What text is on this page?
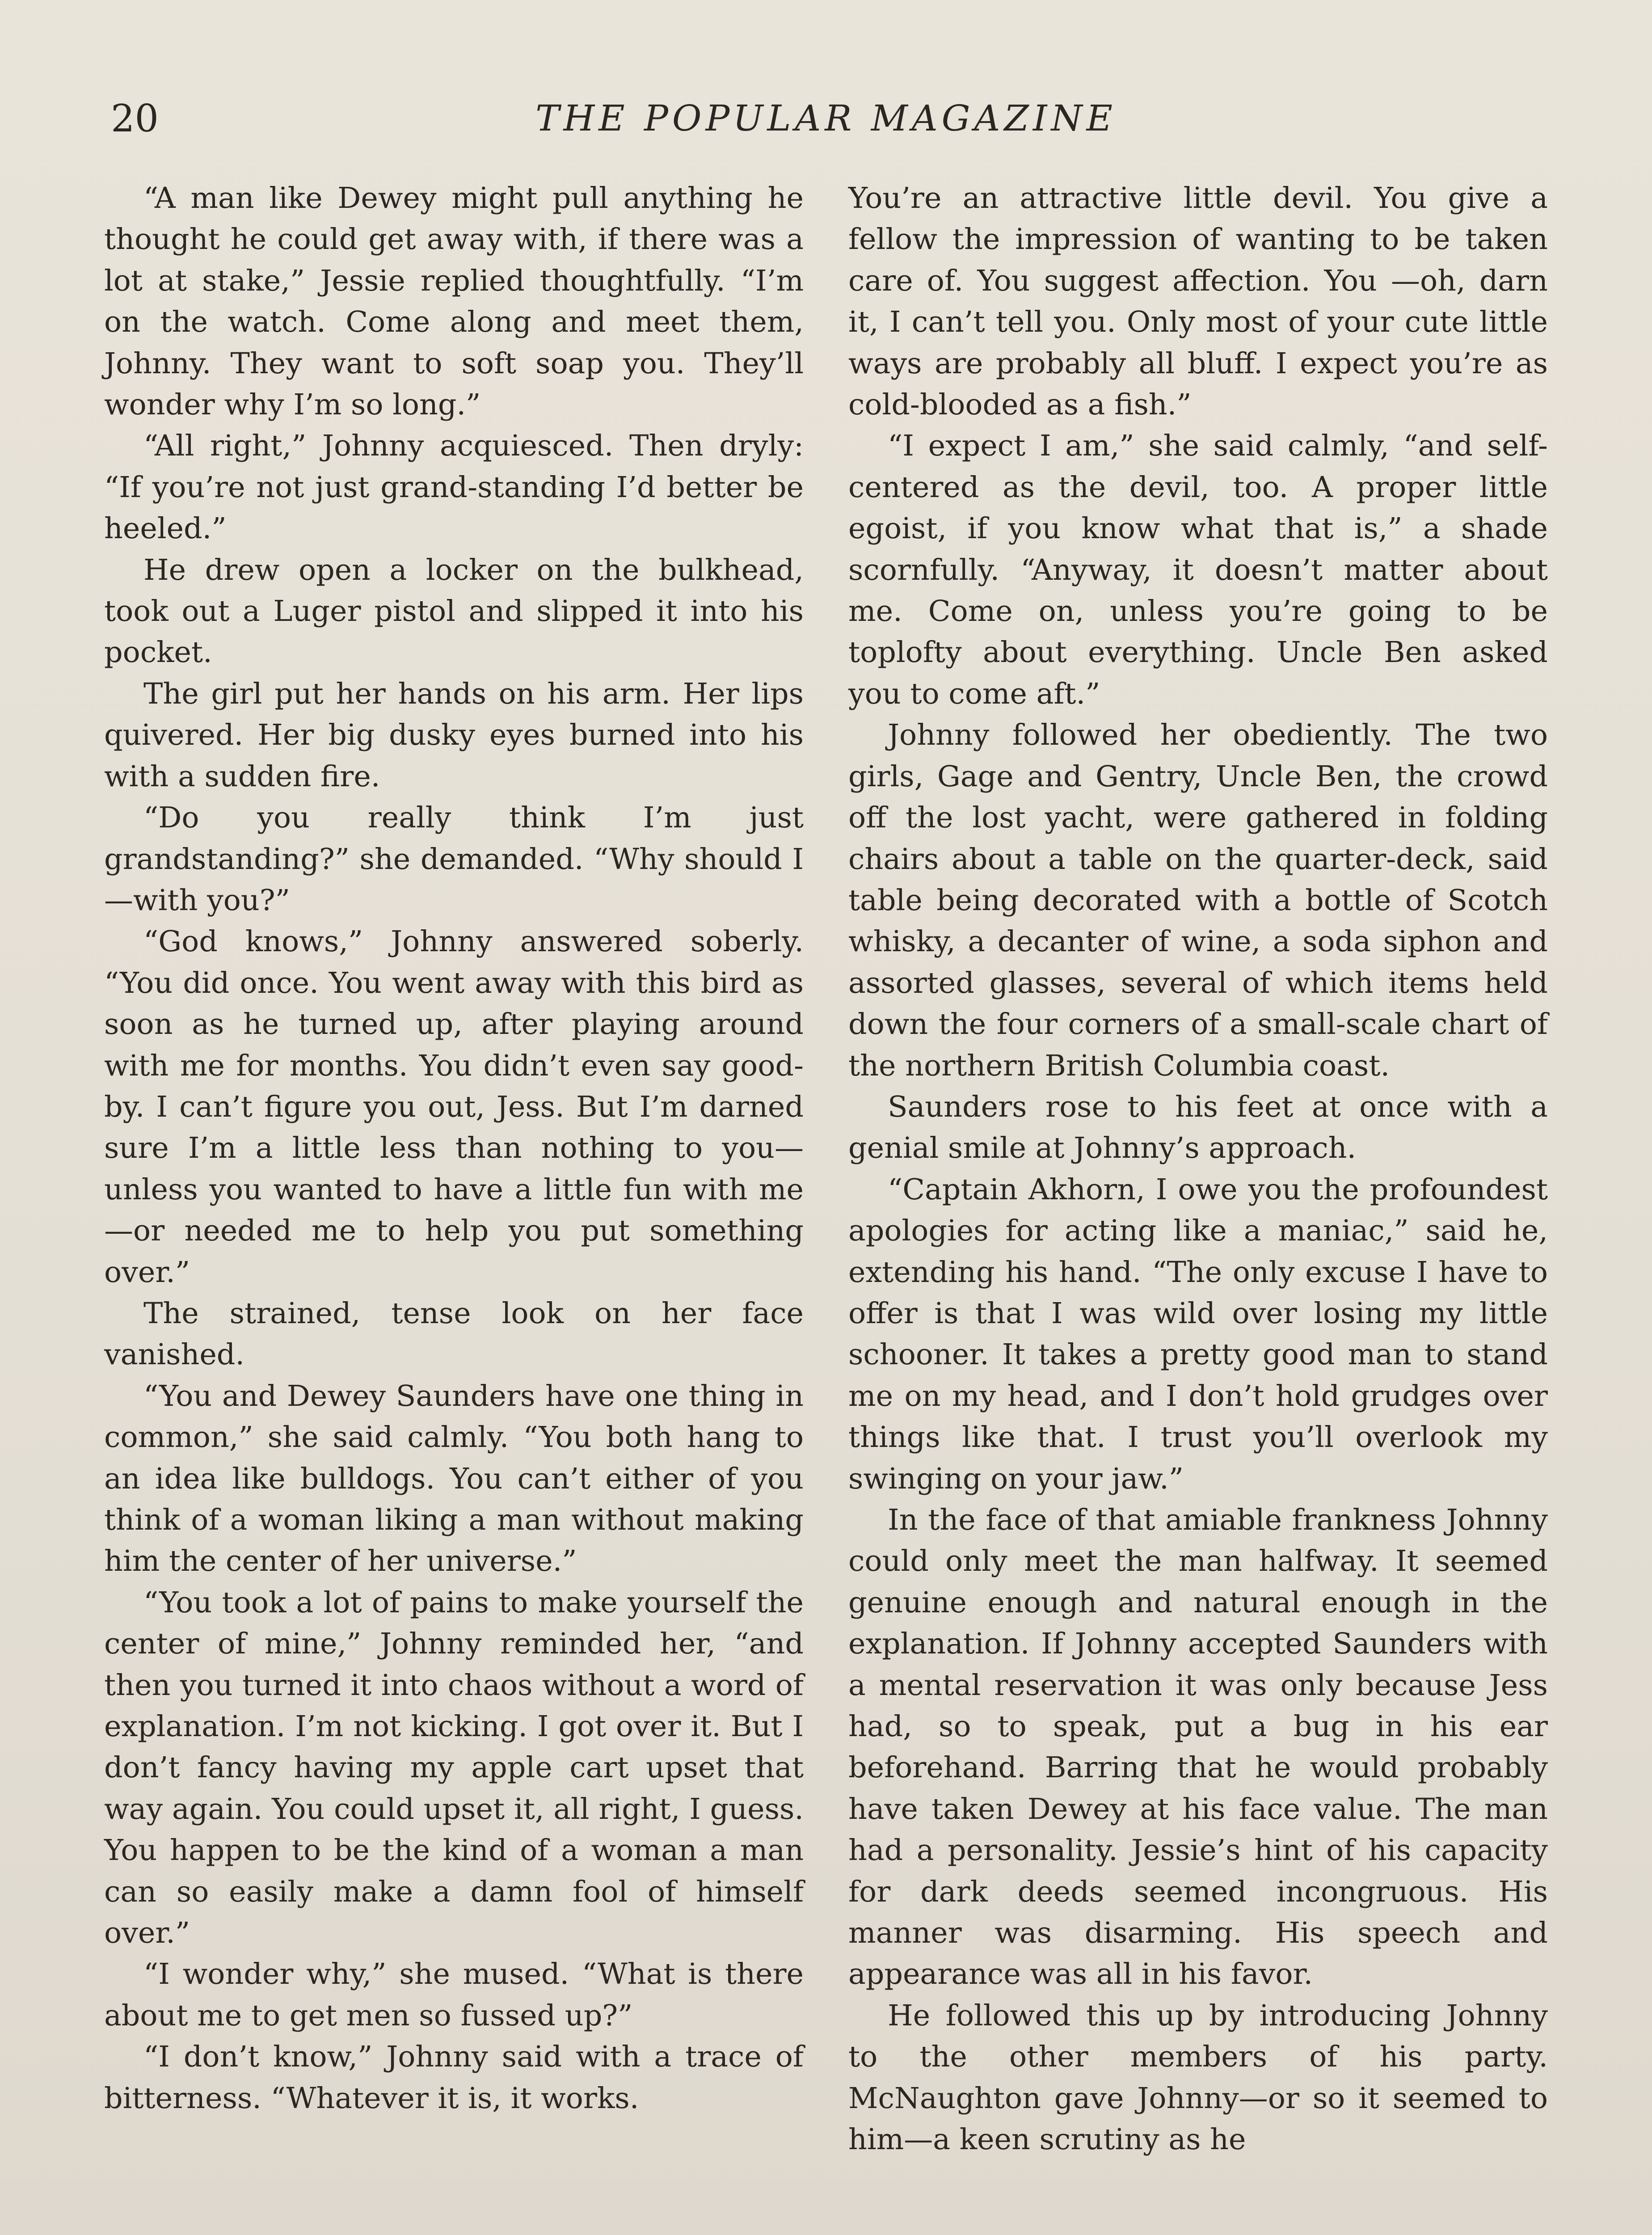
20	THE POPULAR MAGAZINE

“A man like Dewey might pull anything he thought he could get away with, if there was a lot at stake,” Jessie replied thoughtfully. “I’m on the watch. Come along and meet them, Johnny. They want to soft soap you. They’ll wonder why I’m so long.”

“All right,” Johnny acquiesced. Then dryly: “If you’re not just grand-standing I’d better be heeled.”

He drew open a locker on the bulkhead, took out a Luger pistol and slipped it into his pocket.

The girl put her hands on his arm. Her lips quivered. Her big dusky eyes burned into his with a sudden fire.

“Do you really think I’m just grandstanding?” she demanded. “Why should I —with you?”

“God knows,” Johnny answered soberly. “You did once. You went away with this bird as soon as he turned up, after playing around with me for months. You didn’t even say good-by. I can’t figure you out, Jess. But I’m darned sure I’m a little less than nothing to you—unless you wanted to have a little fun with me—or needed me to help you put something over.”

The strained, tense look on her face vanished.

“You and Dewey Saunders have one thing in common,” she said calmly. “You both hang to an idea like bulldogs. You can’t either of you think of a woman liking a man without making him the center of her universe.”

“You took a lot of pains to make yourself the center of mine,” Johnny reminded her, “and then you turned it into chaos without a word of explanation. I’m not kicking. I got over it. But I don’t fancy having my apple cart upset that way again. You could upset it, all right, I guess. You happen to be the kind of a woman a man can so easily make a damn fool of himself over.”

“I wonder why,” she mused. “What is there about me to get men so fussed up?”

“I don’t know,” Johnny said with a trace of bitterness. “Whatever it is, it works.

You’re an attractive little devil. You give a fellow the impression of wanting to be taken care of. You suggest affection. You —oh, darn it, I can’t tell you. Only most of your cute little ways are probably all bluff. I expect you’re as cold-blooded as a fish.”

“I expect I am,” she said calmly, “and self-centered as the devil, too. A proper little egoist, if you know what that is,” a shade scornfully. “Anyway, it doesn’t matter about me. Come on, unless you’re going to be toplofty about everything. Uncle Ben asked you to come aft.”

Johnny followed her obediently. The two girls, Gage and Gentry, Uncle Ben, the crowd off the lost yacht, were gathered in folding chairs about a table on the quarter-deck, said table being decorated with a bottle of Scotch whisky, a decanter of wine, a soda siphon and assorted glasses, several of which items held down the four corners of a small-scale chart of the northern British Columbia coast.

Saunders rose to his feet at once with a genial smile at Johnny’s approach.

“Captain Akhorn, I owe you the profoundest apologies for acting like a maniac,” said he, extending his hand. “The only excuse I have to offer is that I was wild over losing my little schooner. It takes a pretty good man to stand me on my head, and I don’t hold grudges over things like that. I trust you’ll overlook my swinging on your jaw.”

In the face of that amiable frankness Johnny could only meet the man halfway. It seemed genuine enough and natural enough in the explanation. If Johnny accepted Saunders with a mental reservation it was only because Jess had, so to speak, put a bug in his ear beforehand. Barring that he would probably have taken Dewey at his face value. The man had a personality. Jessie’s hint of his capacity for dark deeds seemed incongruous. His manner was disarming. His speech and appearance was all in his favor.

He followed this up by introducing Johnny to the other members of his party. McNaughton gave Johnny—or so it seemed to him—a keen scrutiny as he
